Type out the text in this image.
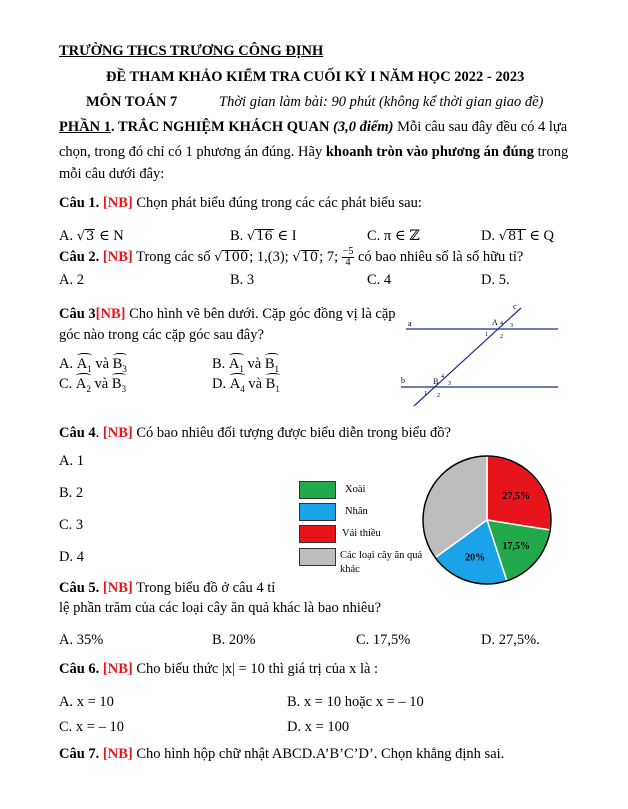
TRƯỜNG THCS TRƯƠNG CÔNG ĐỊNH
ĐỀ THAM KHẢO KIỂM TRA CUỐI KỲ I NĂM HỌC 2022 - 2023
MÔN TOÁN 7	Thời gian làm bài: 90 phút (không kể thời gian giao đề)
PHẦN 1. TRẮC NGHIỆM KHÁCH QUAN (3,0 điểm) Mỗi câu sau đây đều có 4 lựa
chọn, trong đó chỉ có 1 phương án đúng. Hãy khoanh tròn vào phương án đúng trong
mỗi câu dưới đây:
Câu 1. [NB] Chọn phát biểu đúng trong các các phát biểu sau:
A. √3 ∈ N	B. √16 ∈ I	C. π ∈ ℤ	D. √81 ∈ Q
Câu 2. [NB] Trong các số √100; 1,(3); √10; 7; $\frac{-5}{4}$ có bao nhiêu số là số hữu tỉ?
A. 2	B. 3	C. 4	D. 5.
Câu 3[NB] Cho hình vẽ bên dưới. Cặp góc đồng vị là cặp
góc nào trong các cặp góc sau đây?
A. $A_1$ và $B_3$	B. $A_1$ và $B_1$
C. $A_2$ và $B_3$	D. $A_4$ và $B_1$
a
b
c
A 4 3
1 2
B 4
3
1 2
Câu 4. [NB] Có bao nhiêu đối tượng được biểu diễn trong biểu đồ?
A. 1
B. 2
C. 3
D. 4
Xoài
Nhãn
Vải thiều
Các loại cây ăn quả
khác
27,5%
17,5%
20%
Câu 5. [NB] Trong biểu đồ ở câu 4 tỉ
lệ phần trăm của các loại cây ăn quả khác là bao nhiêu?
A. 35%	B. 20%	C. 17,5%	D. 27,5%.
Câu 6. [NB] Cho biểu thức |x| = 10 thì giá trị của x là :
A. x = 10	B. x = 10 hoặc x = – 10
C. x = – 10	D. x = 100
Câu 7. [NB] Cho hình hộp chữ nhật ABCD.A’B’C’D’. Chọn khẳng định sai.
